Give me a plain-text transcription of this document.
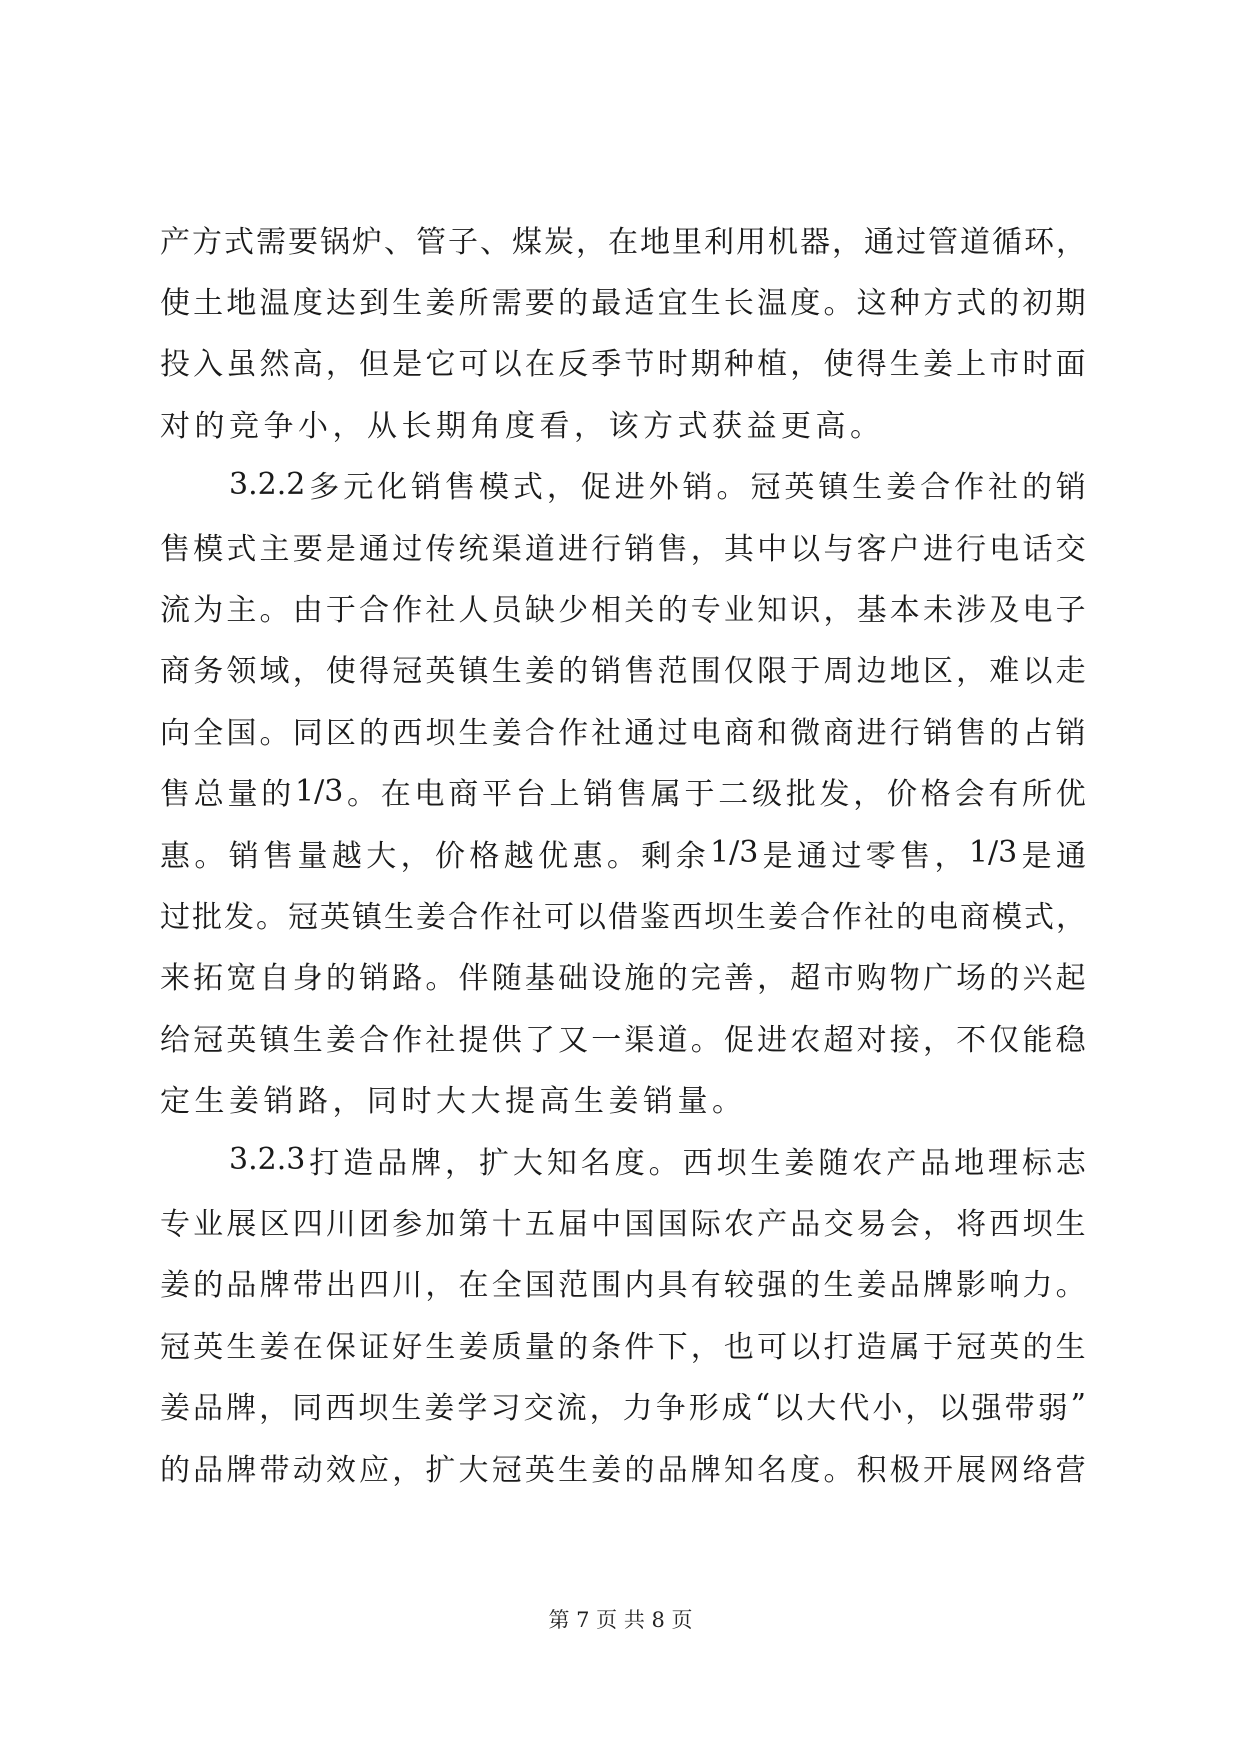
产 方 式 需 要 锅 炉 、 管 子 、 煤 炭 ， 在 地 里 利 用 机 器 ， 通 过 管 道 循 环 ，
使 土 地 温 度 达 到 生 姜 所 需 要 的 最 适 宜 生 长 温 度 。 这 种 方 式 的 初 期
投 入 虽 然 高 ， 但 是 它 可 以 在 反 季 节 时 期 种 植 ， 使 得 生 姜 上 市 时 面
对 的 竞 争 小 ， 从 长 期 角 度 看 ， 该 方 式 获 益 更 高 。
3.2.2 多 元 化 销 售 模 式 ， 促 进 外 销 。 冠 英 镇 生 姜 合 作 社 的 销
售 模 式 主 要 是 通 过 传 统 渠 道 进 行 销 售 ， 其 中 以 与 客 户 进 行 电 话 交
流 为 主 。 由 于 合 作 社 人 员 缺 少 相 关 的 专 业 知 识 ， 基 本 未 涉 及 电 子
商 务 领 域 ， 使 得 冠 英 镇 生 姜 的 销 售 范 围 仅 限 于 周 边 地 区 ， 难 以 走
向 全 国 。 同 区 的 西 坝 生 姜 合 作 社 通 过 电 商 和 微 商 进 行 销 售 的 占 销
售 总 量 的 1/3 。 在 电 商 平 台 上 销 售 属 于 二 级 批 发 ， 价 格 会 有 所 优
惠 。 销 售 量 越 大 ， 价 格 越 优 惠 。 剩 余 1/3 是 通 过 零 售 ， 1/3 是 通
过 批 发 。 冠 英 镇 生 姜 合 作 社 可 以 借 鉴 西 坝 生 姜 合 作 社 的 电 商 模 式 ，
来 拓 宽 自 身 的 销 路 。 伴 随 基 础 设 施 的 完 善 ， 超 市 购 物 广 场 的 兴 起
给 冠 英 镇 生 姜 合 作 社 提 供 了 又 一 渠 道 。 促 进 农 超 对 接 ， 不 仅 能 稳
定 生 姜 销 路 ， 同 时 大 大 提 高 生 姜 销 量 。
3.2.3 打 造 品 牌 ， 扩 大 知 名 度 。 西 坝 生 姜 随 农 产 品 地 理 标 志
专 业 展 区 四 川 团 参 加 第 十 五 届 中 国 国 际 农 产 品 交 易 会 ， 将 西 坝 生
姜 的 品 牌 带 出 四 川 ， 在 全 国 范 围 内 具 有 较 强 的 生 姜 品 牌 影 响 力 。
冠 英 生 姜 在 保 证 好 生 姜 质 量 的 条 件 下 ， 也 可 以 打 造 属 于 冠 英 的 生
姜 品 牌 ， 同 西 坝 生 姜 学 习 交 流 ， 力 争 形 成 “ 以 大 代 小 ， 以 强 带 弱 ”
的 品 牌 带 动 效 应 ， 扩 大 冠 英 生 姜 的 品 牌 知 名 度 。 积 极 开 展 网 络 营
第 7 页 共 8 页
